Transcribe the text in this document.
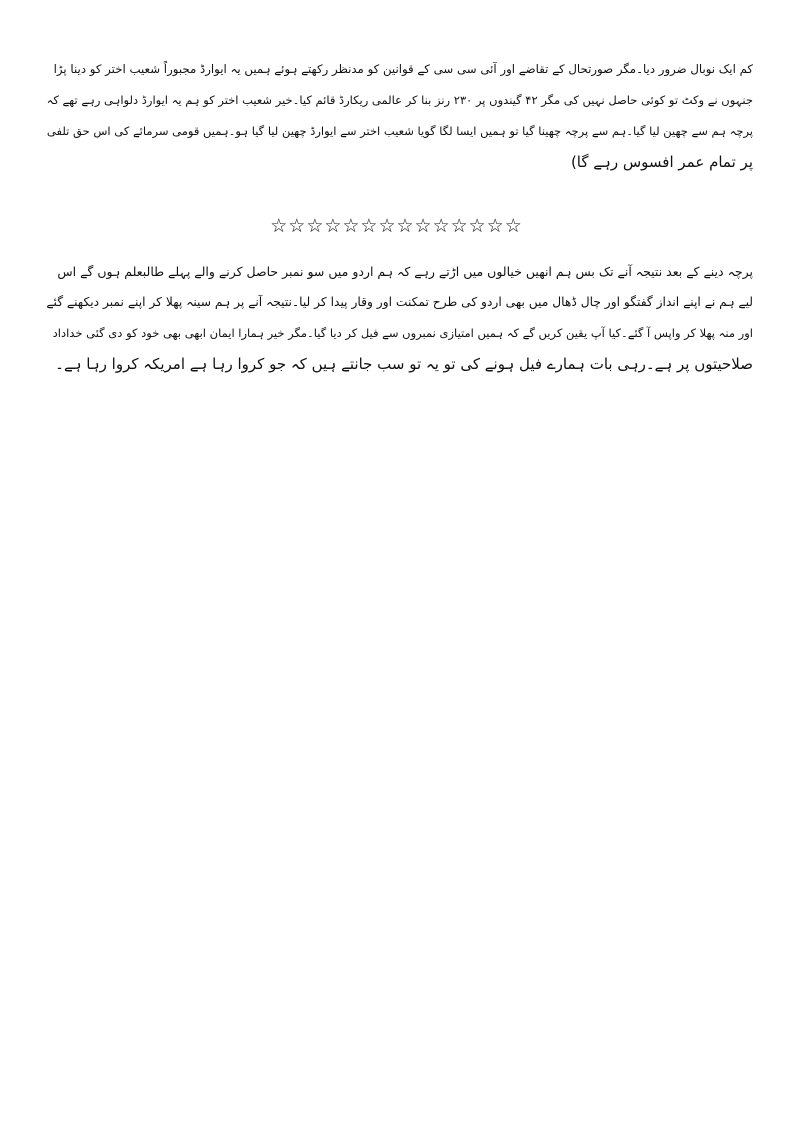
کم ایک نوبال ضرور دیا۔مگر صورتحال کے تقاضے اور آئی سی سی کے قوانین کو مدنظر رکھتے ہوئے ہمیں یہ ایوارڈ مجبوراً شعیب اختر کو دینا پڑا
جنہوں نے وکٹ تو کوئی حاصل نہیں کی مگر ۴۲ گیندوں پر ۲۳۰ رنز بنا کر عالمی ریکارڈ قائم کیا۔خیر شعیب اختر کو ہم یہ ایوارڈ دلواہی رہے تھے کہ
پرچہ ہم سے چھین لیا گیا۔ہم سے پرچہ چھینا گیا تو ہمیں ایسا لگا گویا شعیب اختر سے ایوارڈ چھین لیا گیا ہو۔ہمیں قومی سرمائے کی اس حق تلفی
پر تمام عمر افسوس رہے گا)
☆☆☆☆☆☆☆☆☆☆☆☆☆☆
پرچہ دینے کے بعد نتیجہ آنے تک بس ہم انھیں خیالوں میں اڑتے رہے کہ ہم اردو میں سو نمبر حاصل کرنے والے پہلے طالبعلم ہوں گے اس
لیے ہم نے اپنے انداز گفتگو اور چال ڈھال میں بھی اردو کی طرح تمکنت اور وقار پیدا کر لیا۔نتیجہ آنے پر ہم سینہ پھلا کر اپنے نمبر دیکھنے گئے
اور منہ پھلا کر واپس آ گئے۔کیا آپ یقین کریں گے کہ ہمیں امتیازی نمبروں سے فیل کر دیا گیا۔مگر خیر ہمارا ایمان ابھی بھی خود کو دی گئی خداداد
صلاحیتوں پر ہے۔رہی بات ہمارے فیل ہونے کی تو یہ تو سب جانتے ہیں کہ جو کروا رہا ہے امریکہ کروا رہا ہے۔
